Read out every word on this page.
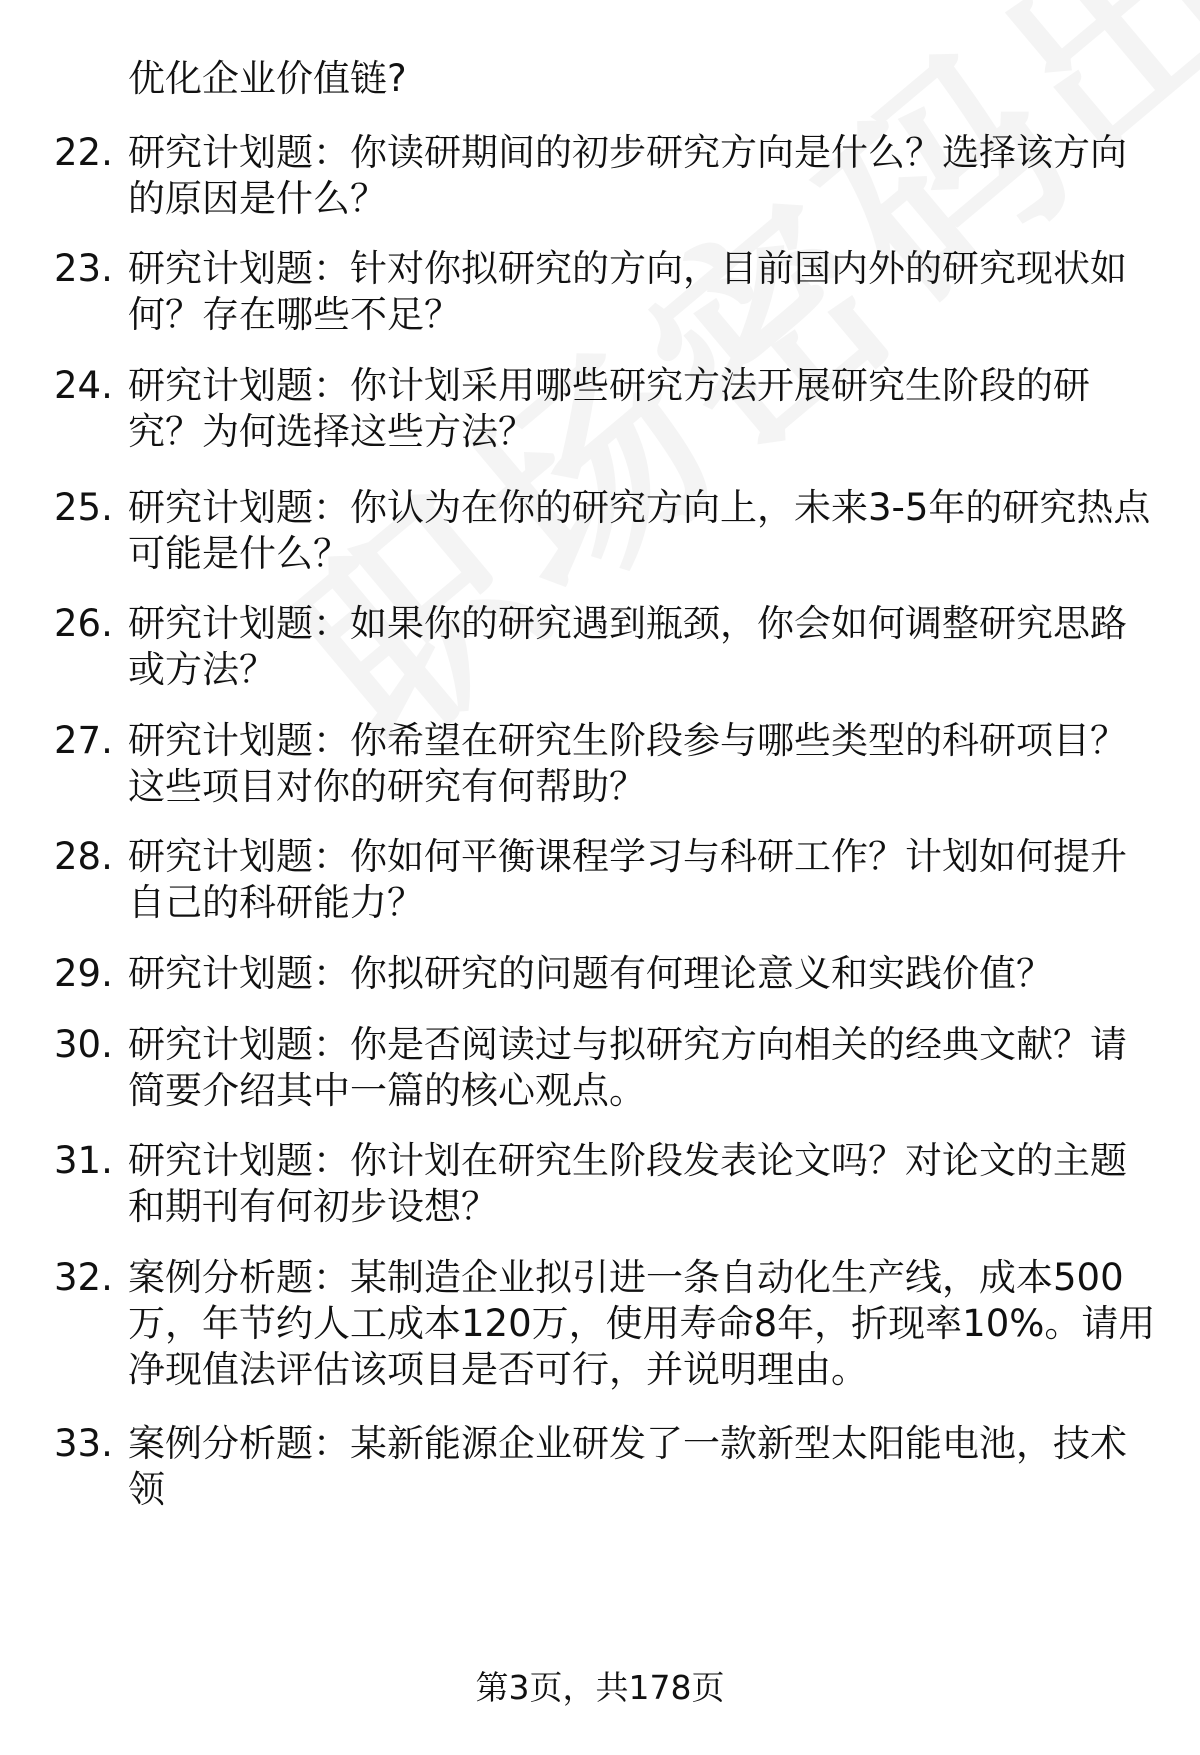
优化企业价值链?
22. 研究计划题：你读研期间的初步研究方向是什么？选择该方向的原因是什么？
23. 研究计划题：针对你拟研究的方向，目前国内外的研究现状如何？存在哪些不足？
24. 研究计划题：你计划采用哪些研究方法开展研究生阶段的研究？为何选择这些方法？
25. 研究计划题：你认为在你的研究方向上，未来3-5年的研究热点可能是什么？
26. 研究计划题：如果你的研究遇到瓶颈，你会如何调整研究思路或方法？
27. 研究计划题：你希望在研究生阶段参与哪些类型的科研项目？这些项目对你的研究有何帮助？
28. 研究计划题：你如何平衡课程学习与科研工作？计划如何提升自己的科研能力？
29. 研究计划题：你拟研究的问题有何理论意义和实践价值？
30. 研究计划题：你是否阅读过与拟研究方向相关的经典文献？请简要介绍其中一篇的核心观点。
31. 研究计划题：你计划在研究生阶段发表论文吗？对论文的主题和期刊有何初步设想？
32. 案例分析题：某制造企业拟引进一条自动化生产线，成本500万，年节约人工成本120万，使用寿命8年，折现率10%。请用净现值法评估该项目是否可行，并说明理由。
33. 案例分析题：某新能源企业研发了一款新型太阳能电池，技术领
第3页，共178页
